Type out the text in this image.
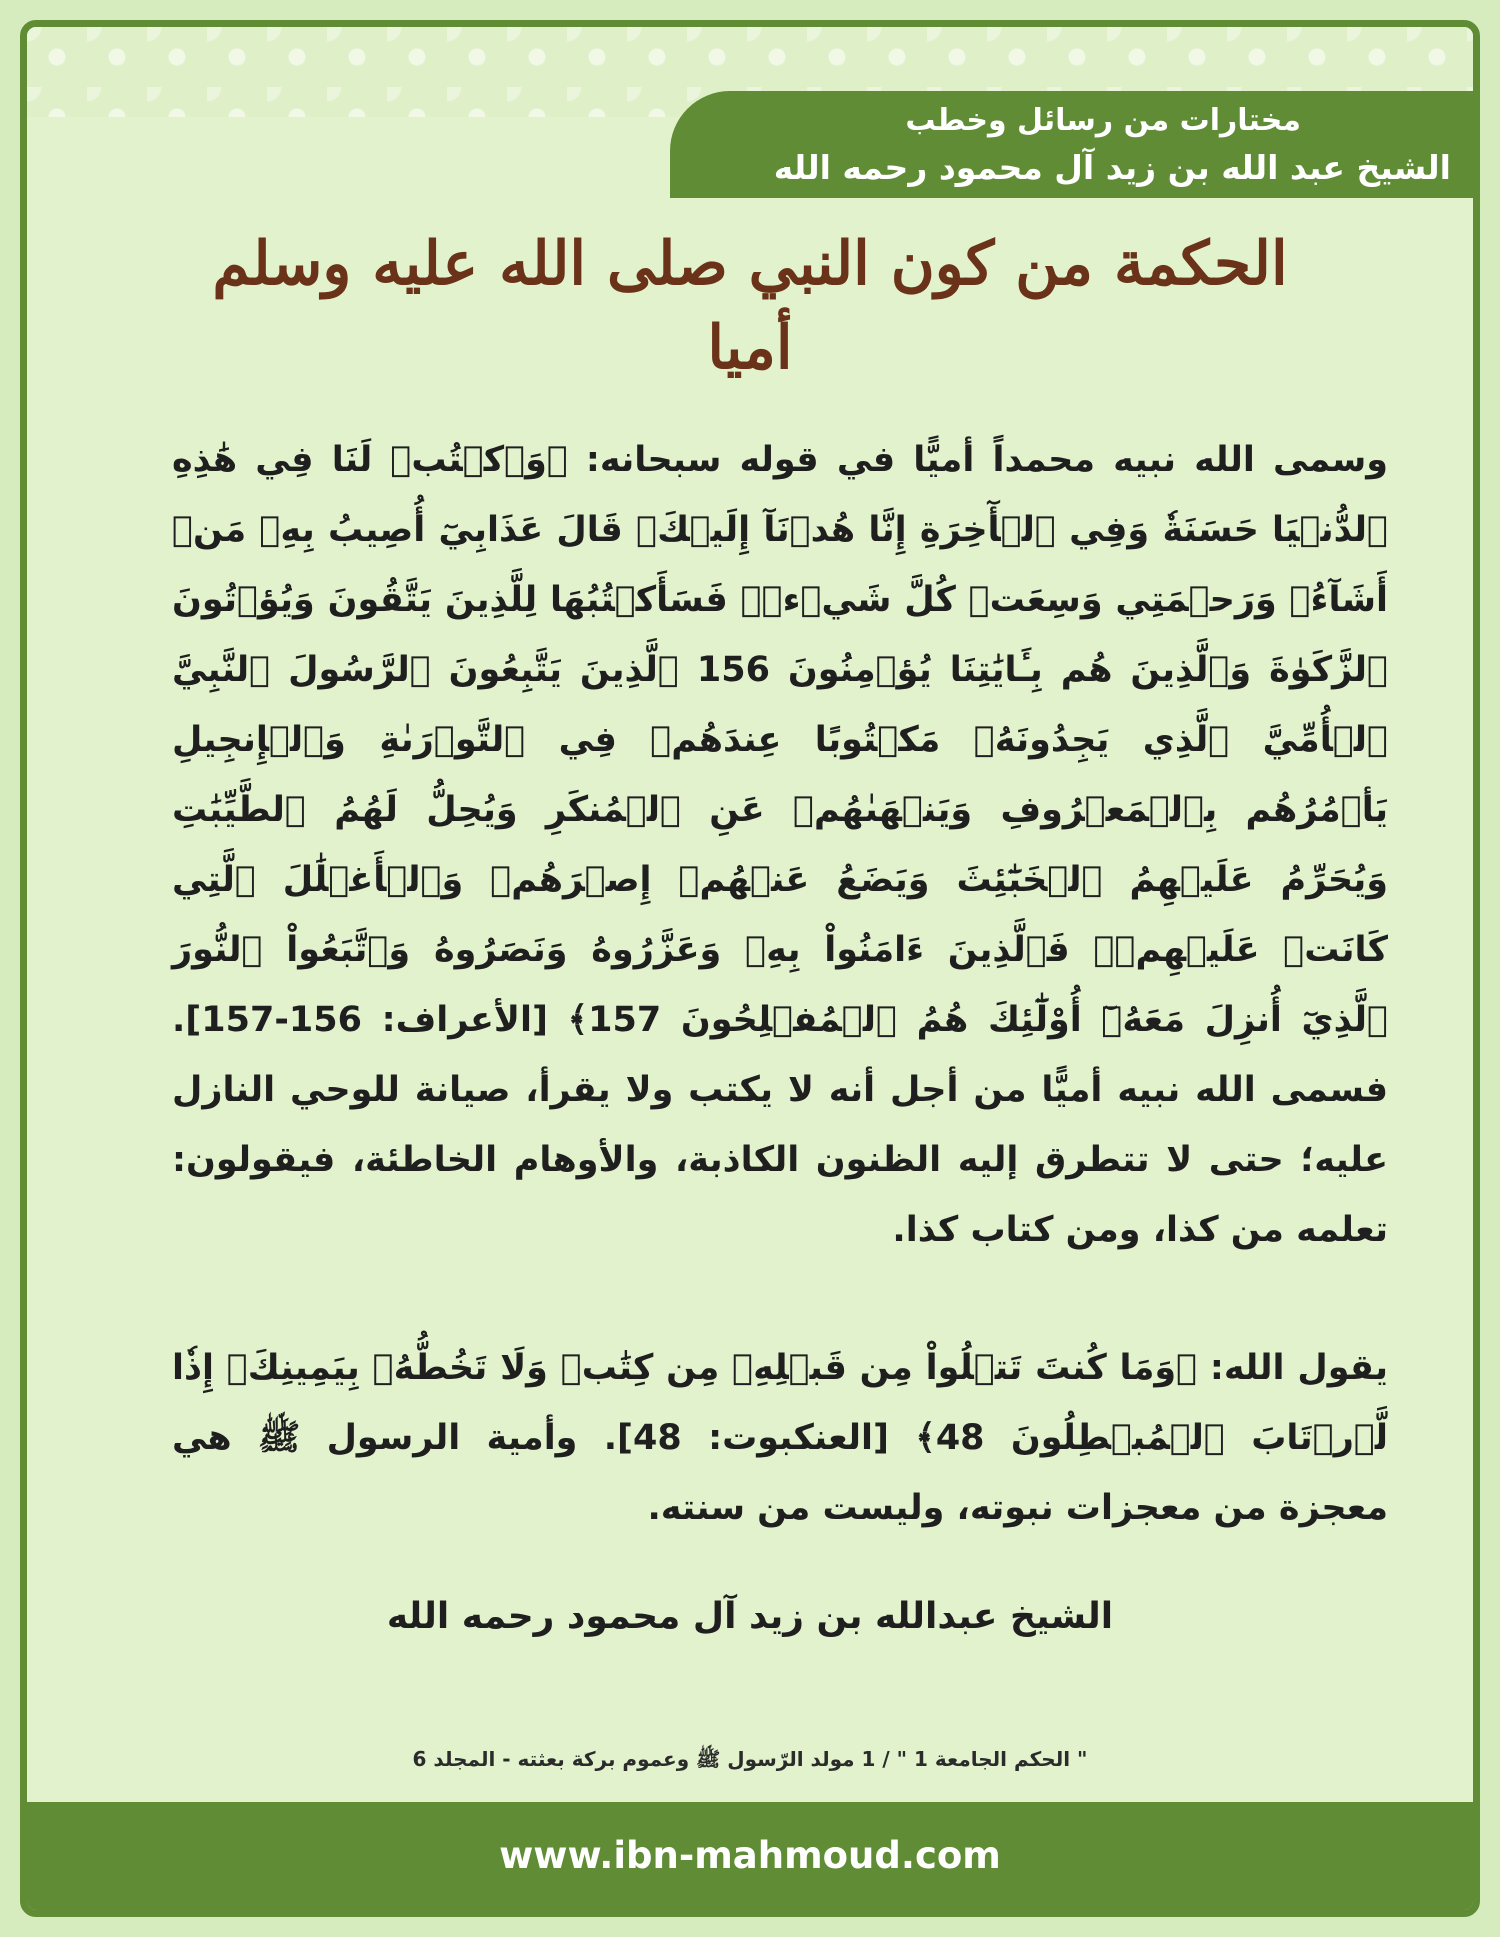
مختارات من رسائل وخطب
الشيخ عبد الله بن زيد آل محمود رحمه الله
الحكمة من كون النبي صلى الله عليه وسلم
أميا

وسمى الله نبيه محمداً أميًّا في قوله سبحانه: ﴿وَٱكۡتُبۡ لَنَا فِي هَٰذِهِ ٱلدُّنۡيَا حَسَنَةٗ وَفِي ٱلۡأٓخِرَةِ إِنَّا هُدۡنَآ إِلَيۡكَۚ قَالَ عَذَابِيٓ أُصِيبُ بِهِۦ مَنۡ أَشَآءُۖ وَرَحۡمَتِي وَسِعَتۡ كُلَّ شَيۡءٖۚ فَسَأَكۡتُبُهَا لِلَّذِينَ يَتَّقُونَ وَيُؤۡتُونَ ٱلزَّكَوٰةَ وَٱلَّذِينَ هُم بِـَٔايَٰتِنَا يُؤۡمِنُونَ 156 ٱلَّذِينَ يَتَّبِعُونَ ٱلرَّسُولَ ٱلنَّبِيَّ ٱلۡأُمِّيَّ ٱلَّذِي يَجِدُونَهُۥ مَكۡتُوبًا عِندَهُمۡ فِي ٱلتَّوۡرَىٰةِ وَٱلۡإِنجِيلِ يَأۡمُرُهُم بِٱلۡمَعۡرُوفِ وَيَنۡهَىٰهُمۡ عَنِ ٱلۡمُنكَرِ وَيُحِلُّ لَهُمُ ٱلطَّيِّبَٰتِ وَيُحَرِّمُ عَلَيۡهِمُ ٱلۡخَبَٰٓئِثَ وَيَضَعُ عَنۡهُمۡ إِصۡرَهُمۡ وَٱلۡأَغۡلَٰلَ ٱلَّتِي كَانَتۡ عَلَيۡهِمۡۚ فَٱلَّذِينَ ءَامَنُواْ بِهِۦ وَعَزَّرُوهُ وَنَصَرُوهُ وَٱتَّبَعُواْ ٱلنُّورَ ٱلَّذِيٓ أُنزِلَ مَعَهُۥٓ أُوْلَٰٓئِكَ هُمُ ٱلۡمُفۡلِحُونَ 157﴾ [الأعراف: 156-157]. فسمى الله نبيه أميًّا من أجل أنه لا يكتب ولا يقرأ، صيانة للوحي النازل عليه؛ حتى لا تتطرق إليه الظنون الكاذبة، والأوهام الخاطئة، فيقولون: تعلمه من كذا، ومن كتاب كذا.

يقول الله: ﴿وَمَا كُنتَ تَتۡلُواْ مِن قَبۡلِهِۦ مِن كِتَٰبٖ وَلَا تَخُطُّهُۥ بِيَمِينِكَۖ إِذٗا لَّٱرۡتَابَ ٱلۡمُبۡطِلُونَ 48﴾ [العنكبوت: 48]. وأمية الرسول ﷺ هي معجزة من معجزات نبوته، وليست من سنته.

الشيخ عبدالله بن زيد آل محمود رحمه الله
" الحكم الجامعة 1 " / 1 مولد الرّسول ﷺ وعموم بركة بعثته - المجلد 6
www.ibn-mahmoud.com
